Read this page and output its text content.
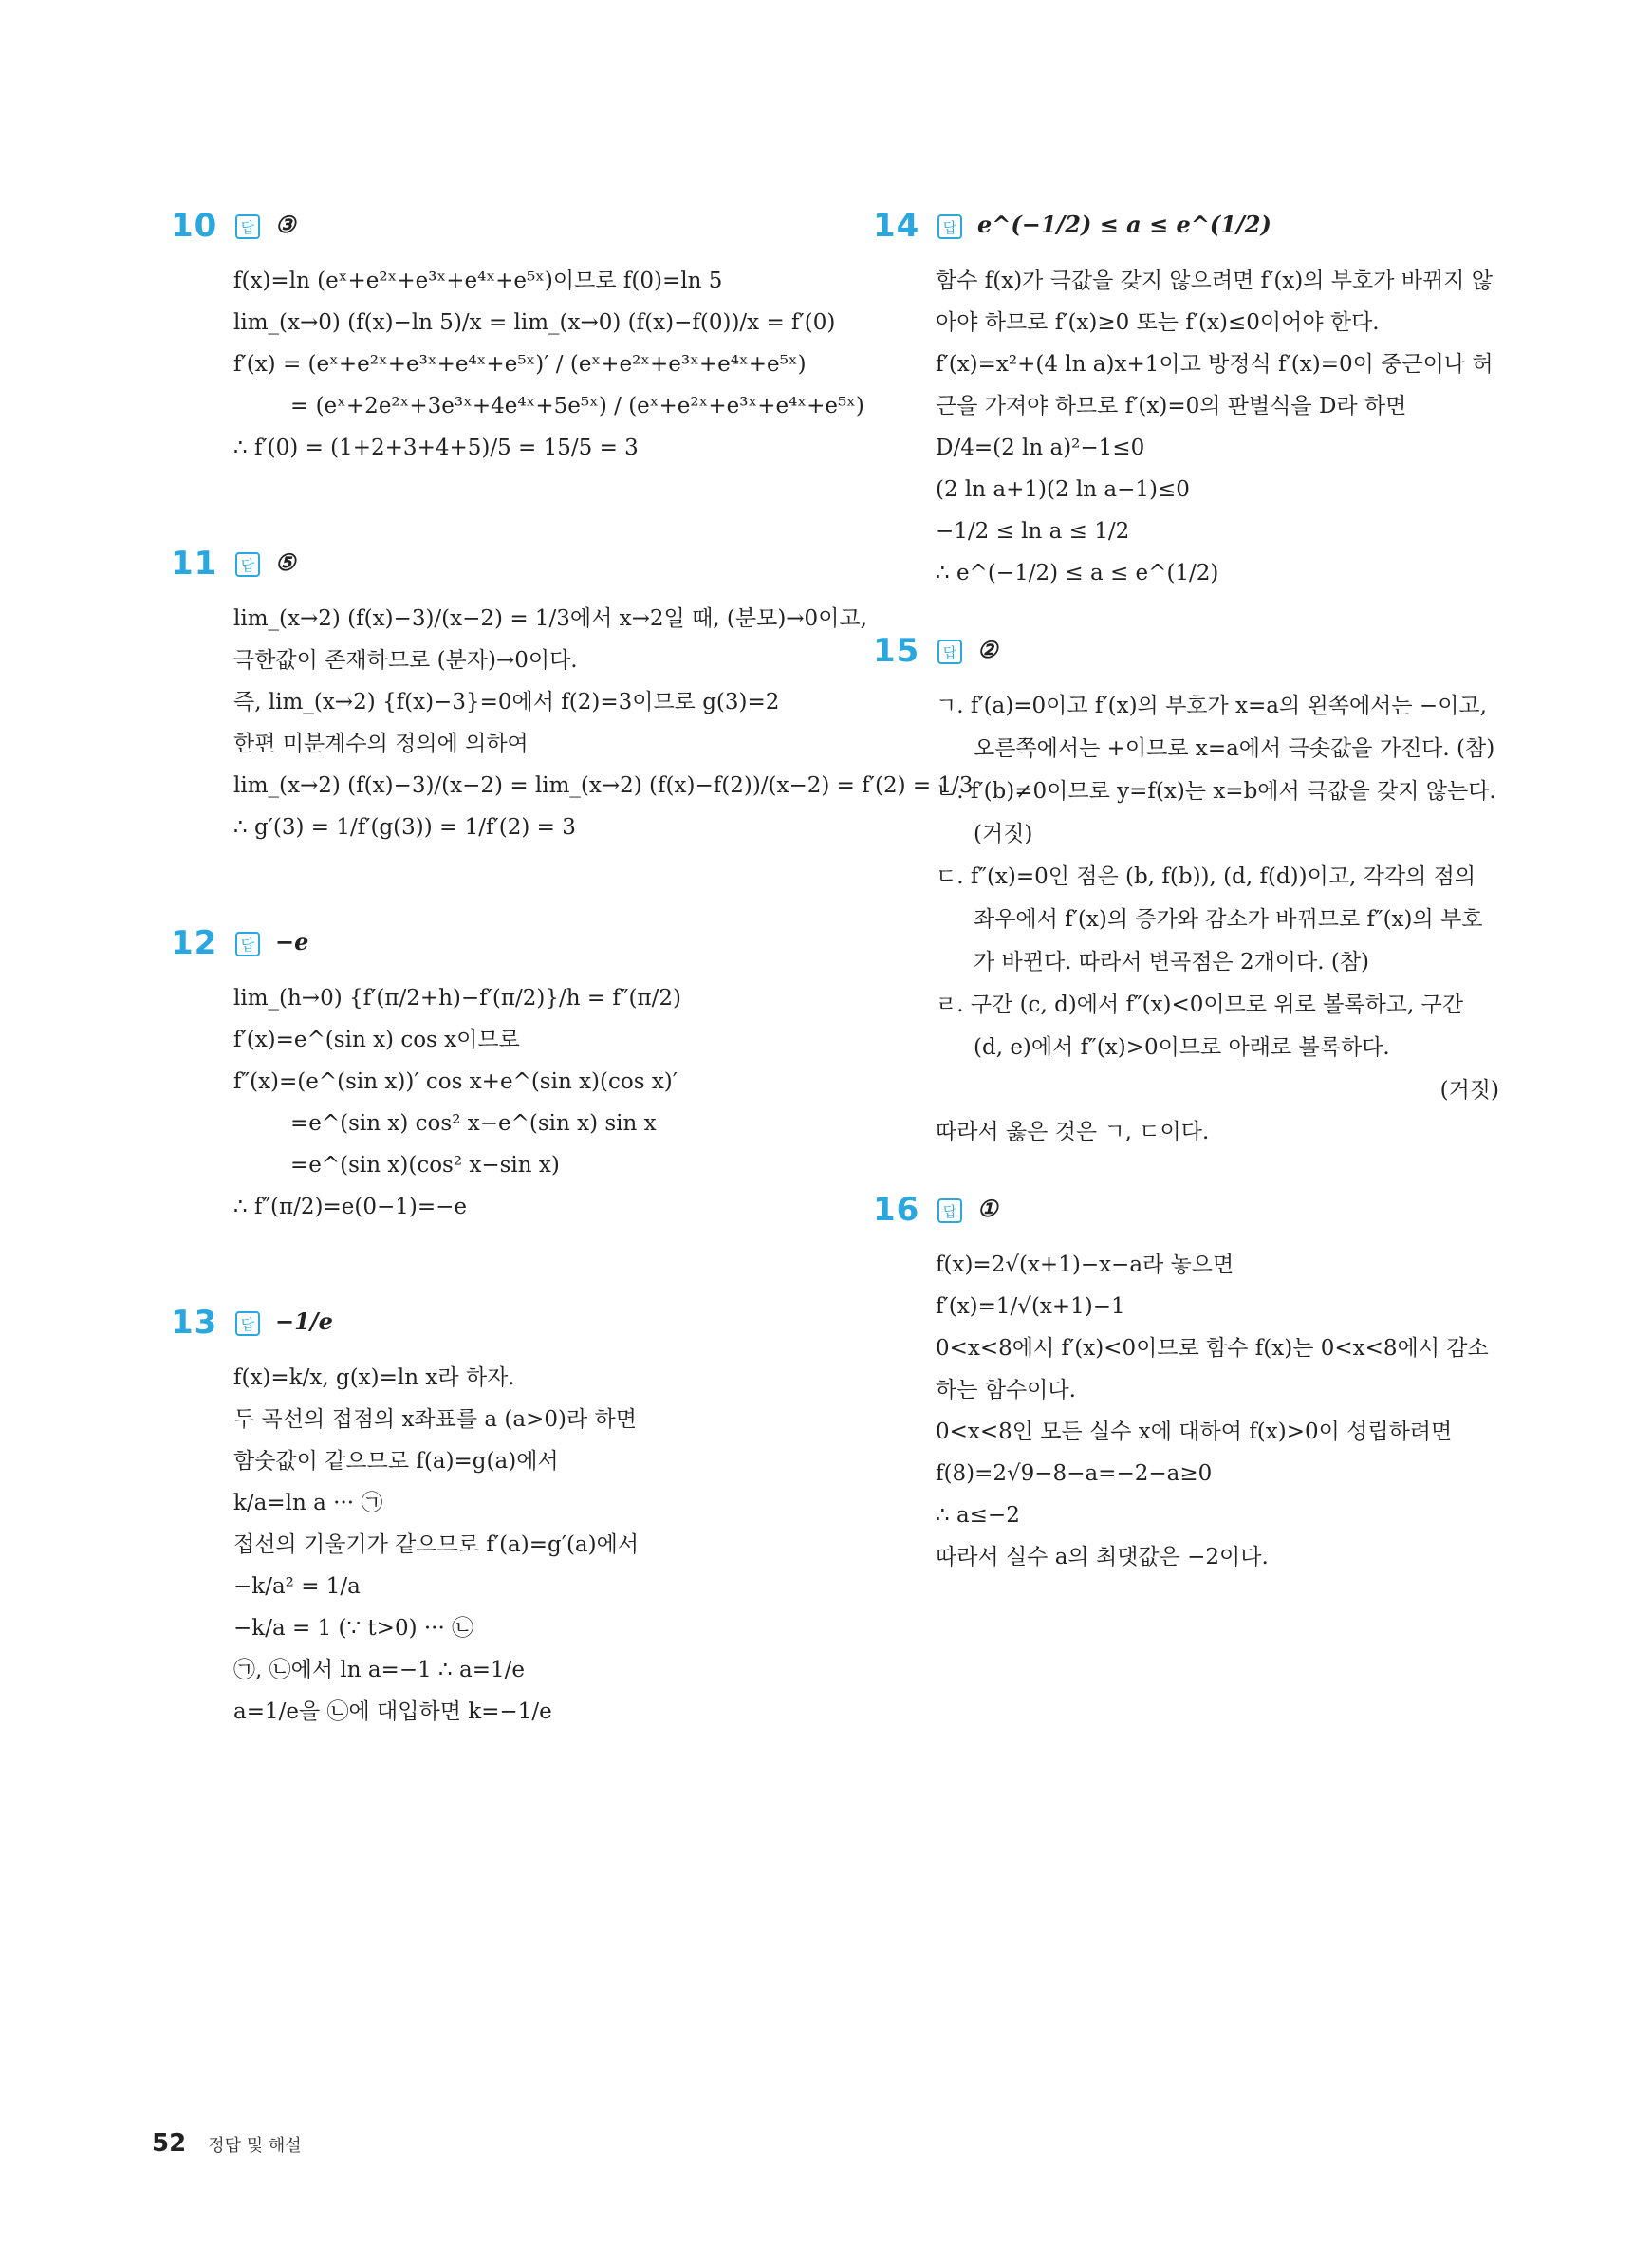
10	답 ③
f(x)=ln (eˣ+e²ˣ+e³ˣ+e⁴ˣ+e⁵ˣ)이므로 f(0)=ln 5
lim_(x→0) (f(x)−ln 5)/x = lim_(x→0) (f(x)−f(0))/x = f′(0)
f′(x) = (eˣ+e²ˣ+e³ˣ+e⁴ˣ+e⁵ˣ)′ / (eˣ+e²ˣ+e³ˣ+e⁴ˣ+e⁵ˣ)
= (eˣ+2e²ˣ+3e³ˣ+4e⁴ˣ+5e⁵ˣ) / (eˣ+e²ˣ+e³ˣ+e⁴ˣ+e⁵ˣ)
∴ f′(0) = (1+2+3+4+5)/5 = 15/5 = 3
11	답 ⑤
lim_(x→2) (f(x)−3)/(x−2) = 1/3에서 x→2일 때, (분모)→0이고,
극한값이 존재하므로 (분자)→0이다.
즉, lim_(x→2) {f(x)−3}=0에서 f(2)=3이므로 g(3)=2
한편 미분계수의 정의에 의하여
lim_(x→2) (f(x)−3)/(x−2) = lim_(x→2) (f(x)−f(2))/(x−2) = f′(2) = 1/3
∴ g′(3) = 1/f′(g(3)) = 1/f′(2) = 3
12	답 −e
lim_(h→0) {f′(π/2+h)−f′(π/2)}/h = f″(π/2)
f′(x)=e^(sin x) cos x이므로
f″(x)=(e^(sin x))′ cos x+e^(sin x)(cos x)′
=e^(sin x) cos² x−e^(sin x) sin x
=e^(sin x)(cos² x−sin x)
∴ f″(π/2)=e(0−1)=−e
13	답 −1/e
f(x)=k/x, g(x)=ln x라 하자.
두 곡선의 접점의 x좌표를 a (a>0)라 하면
함숫값이 같으므로 f(a)=g(a)에서
k/a=ln a ··· ㉠
접선의 기울기가 같으므로 f′(a)=g′(a)에서
−k/a² = 1/a
−k/a = 1 (∵ t>0) ··· ㉡
㉠, ㉡에서 ln a=−1 ∴ a=1/e
a=1/e을 ㉡에 대입하면 k=−1/e
14	답 e^(−1/2) ≤ a ≤ e^(1/2)
함수 f(x)가 극값을 갖지 않으려면 f′(x)의 부호가 바뀌지 않아야 하므로 f′(x)≥0 또는 f′(x)≤0이어야 한다.
f′(x)=x²+(4 ln a)x+1이고 방정식 f′(x)=0이 중근이나 허근을 가져야 하므로 f′(x)=0의 판별식을 D라 하면
D/4=(2 ln a)²−1≤0
(2 ln a+1)(2 ln a−1)≤0
−1/2 ≤ ln a ≤ 1/2
∴ e^(−1/2) ≤ a ≤ e^(1/2)
15	답 ②
ㄱ. f′(a)=0이고 f′(x)의 부호가 x=a의 왼쪽에서는 −이고, 오른쪽에서는 +이므로 x=a에서 극솟값을 가진다. (참)
ㄴ. f′(b)≠0이므로 y=f(x)는 x=b에서 극값을 갖지 않는다. (거짓)
ㄷ. f″(x)=0인 점은 (b, f(b)), (d, f(d))이고, 각각의 점의 좌우에서 f′(x)의 증가와 감소가 바뀌므로 f″(x)의 부호가 바뀐다. 따라서 변곡점은 2개이다. (참)
ㄹ. 구간 (c, d)에서 f″(x)<0이므로 위로 볼록하고, 구간 (d, e)에서 f″(x)>0이므로 아래로 볼록하다.
(거짓)
따라서 옳은 것은 ㄱ, ㄷ이다.
16	답 ①
f(x)=2√(x+1)−x−a라 놓으면
f′(x)=1/√(x+1)−1
0<x<8에서 f′(x)<0이므로 함수 f(x)는 0<x<8에서 감소하는 함수이다.
0<x<8인 모든 실수 x에 대하여 f(x)>0이 성립하려면
f(8)=2√9−8−a=−2−a≥0
∴ a≤−2
따라서 실수 a의 최댓값은 −2이다.
52 정답 및 해설
